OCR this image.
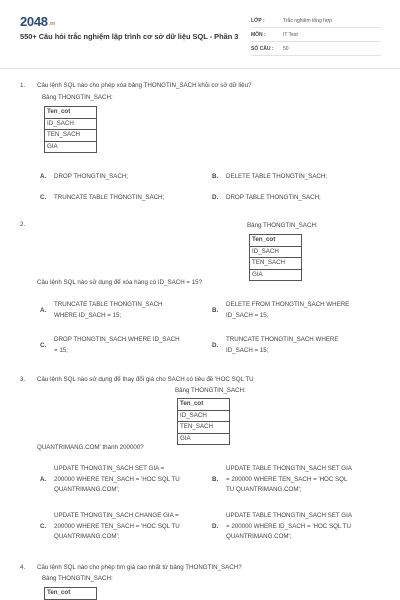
$2048^{.vn}$
550+ Câu hỏi trắc nghiệm lập trình cơ sở dữ liệu SQL - Phần 3
LỚP :	Trắc nghiệm tổng hợp
MÔN :	IT Test
SỐ CÂU :	50
1. Câu lệnh SQL nào cho phép xóa bảng THONGTIN_SACH khỏi cơ sở dữ liệu?
Bảng THONGTIN_SACH:
Ten_cot
ID_SACH
TEN_SACH
GIA
A. DROP THONGTIN_SACH;	B. DELETE TABLE THONGTIN_SACH;
C. TRUNCATE TABLE THONGTIN_SACH;	D. DROP TABLE THONGTIN_SACH;
2.	Bảng THONGTIN_SACH:
Ten_cot
ID_SACH
TEN_SACH
GIA
Câu lệnh SQL nào sử dụng để xóa hàng có ID_SACH = 15?
A.
TRUNCATE TABLE THONGTIN_SACH
WHERE ID_SACH = 15;
B.
DELETE FROM THONGTIN_SACH WHERE
ID_SACH = 15;
C.
DROP THONGTIN_SACH WHERE ID_SACH
= 15;
D.
TRUNCATE THONGTIN_SACH WHERE
ID_SACH = 15;
3. Câu lệnh SQL nào sử dụng để thay đổi giá cho SACH có tiêu đề 'HOC SQL TU
Bảng THONGTIN_SACH:
Ten_cot
ID_SACH
TEN_SACH
GIA
QUANTRIMANG.COM' thành 200000?
A.
UPDATE THONGTIN_SACH SET GIA =
200000 WHERE TEN_SACH = 'HOC SQL TU
QUANTRIMANG.COM';
B.
UPDATE TABLE THONGTIN_SACH SET GIA
= 200000 WHERE TEN_SACH = 'HOC SQL
TU QUANTRIMANG.COM';
C.
UPDATE THONGTIN_SACH CHANGE GIA =
200000 WHERE TEN_SACH = 'HOC SQL TU
QUANTRIMANG.COM';
D.
UPDATE TABLE THONGTIN_SACH SET GIA
= 200000 WHERE ID_SACH = 'HOC SQL TU
QUANTRIMANG.COM';
4. Câu lệnh SQL nào cho phép tìm giá cao nhất từ bảng THONGTIN_SACH?
Bảng THONGTIN_SACH:
Ten_cot
